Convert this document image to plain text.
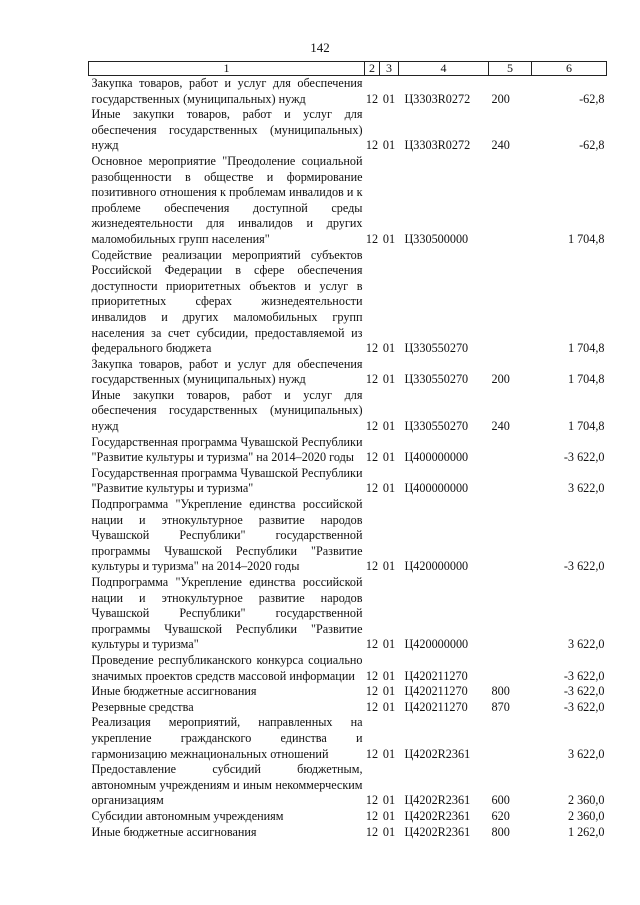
142
1	2	3	4	5	6
Закупка товаров, работ и услуг для обеспечения государственных (муниципальных) нужд	12	01	Ц3303R0272	200	-62,8
Иные закупки товаров, работ и услуг для обеспечения государственных (муниципальных) нужд	12	01	Ц3303R0272	240	-62,8
Основное мероприятие "Преодоление социальной разобщенности в обществе и формирование позитивного отношения к проблемам инвалидов и к проблеме обеспечения доступной среды жизнедеятельности для инвалидов и других маломобильных групп населения"	12	01	Ц330500000		1 704,8
Содействие реализации мероприятий субъектов Российской Федерации в сфере обеспечения доступности приоритетных объектов и услуг в приоритетных сферах жизнедеятельности инвалидов и других маломобильных групп населения за счет субсидии, предоставляемой из федерального бюджета	12	01	Ц330550270		1 704,8
Закупка товаров, работ и услуг для обеспечения государственных (муниципальных) нужд	12	01	Ц330550270	200	1 704,8
Иные закупки товаров, работ и услуг для обеспечения государственных (муниципальных) нужд	12	01	Ц330550270	240	1 704,8
Государственная программа Чувашской Республики "Развитие культуры и туризма" на 2014–2020 годы	12	01	Ц400000000		-3 622,0
Государственная программа Чувашской Республики "Развитие культуры и туризма"	12	01	Ц400000000		3 622,0
Подпрограмма "Укрепление единства российской нации и этнокультурное развитие народов Чувашской Республики" государственной программы Чувашской Республики "Развитие культуры и туризма" на 2014–2020 годы	12	01	Ц420000000		-3 622,0
Подпрограмма "Укрепление единства российской нации и этнокультурное развитие народов Чувашской Республики" государственной программы Чувашской Республики "Развитие культуры и туризма"	12	01	Ц420000000		3 622,0
Проведение республиканского конкурса социально значимых проектов средств массовой информации	12	01	Ц420211270		-3 622,0
Иные бюджетные ассигнования	12	01	Ц420211270	800	-3 622,0
Резервные средства	12	01	Ц420211270	870	-3 622,0
Реализация мероприятий, направленных на укрепление гражданского единства и гармонизацию межнациональных отношений	12	01	Ц4202R2361		3 622,0
Предоставление субсидий бюджетным, автономным учреждениям и иным некоммерческим организациям	12	01	Ц4202R2361	600	2 360,0
Субсидии автономным учреждениям	12	01	Ц4202R2361	620	2 360,0
Иные бюджетные ассигнования	12	01	Ц4202R2361	800	1 262,0
